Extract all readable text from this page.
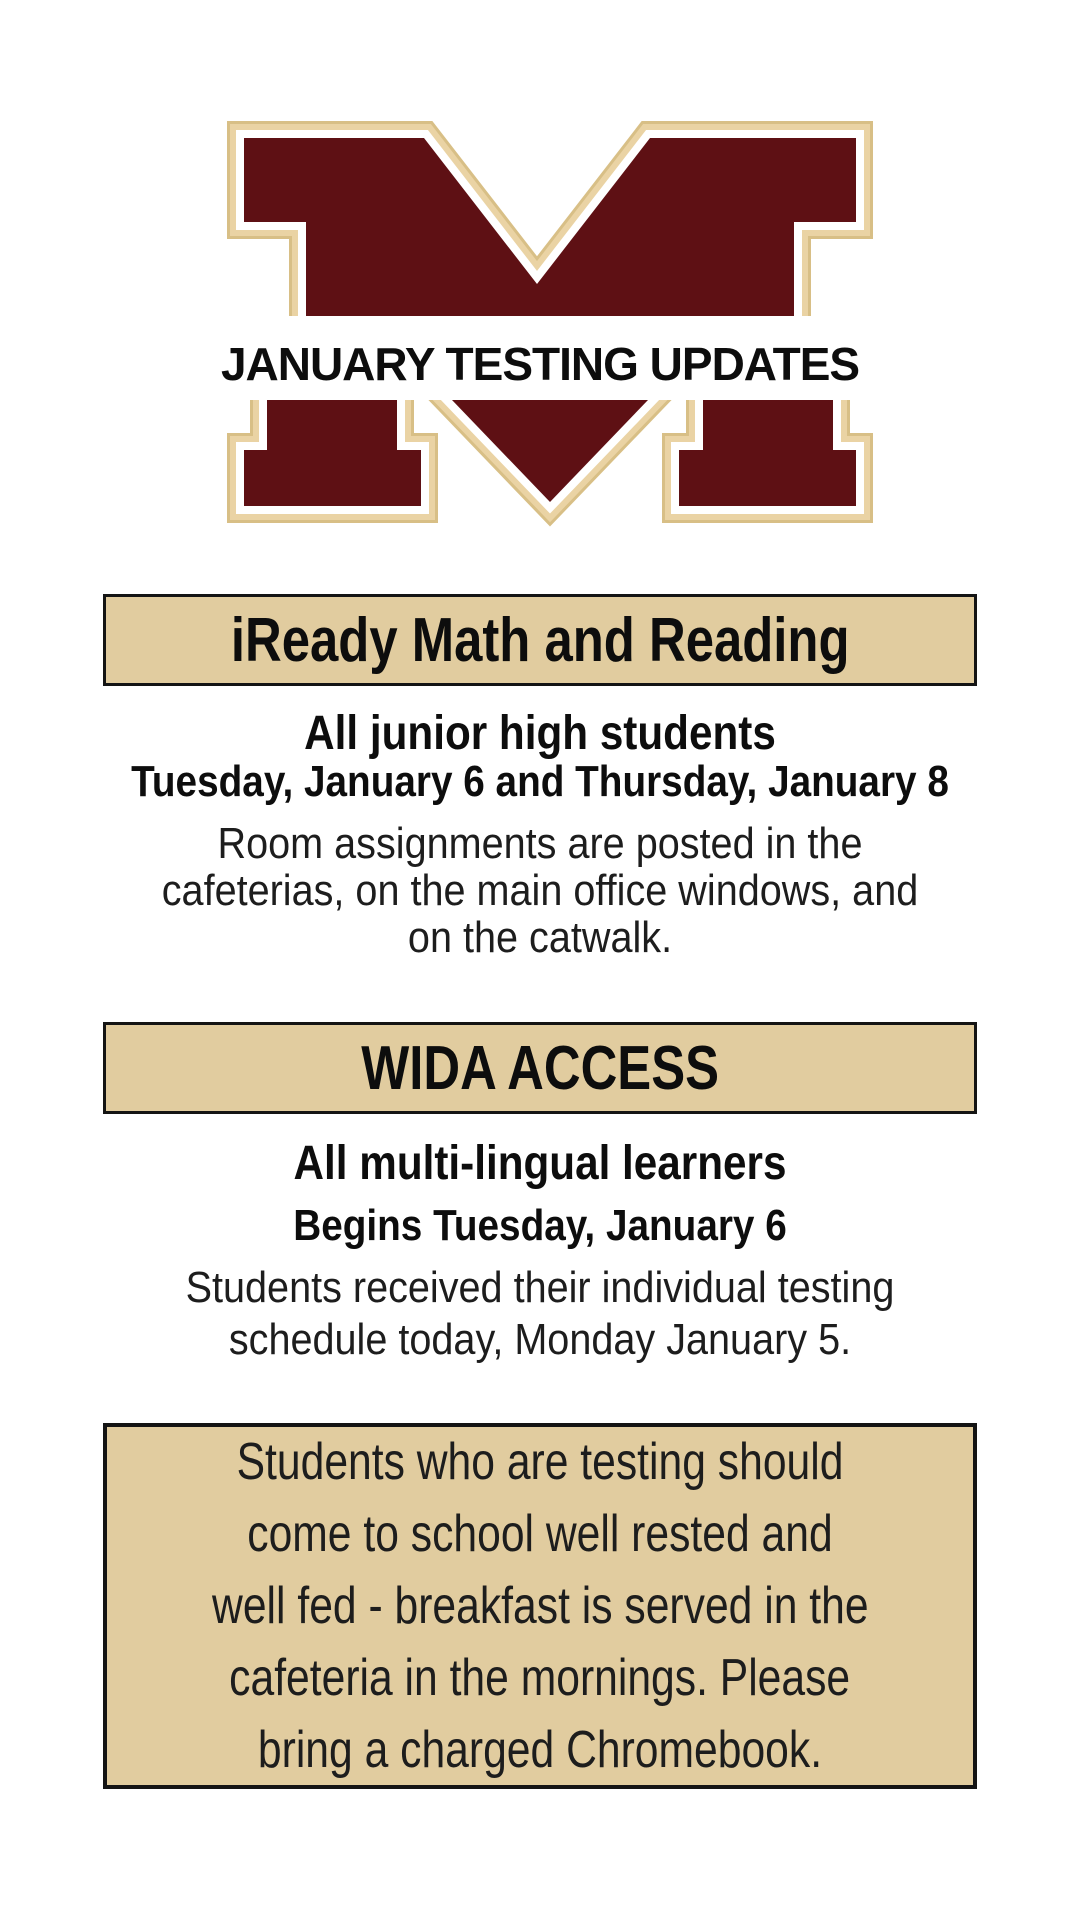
JANUARY TESTING UPDATES
iReady Math and Reading
All junior high students
Tuesday, January 6 and Thursday, January 8
Room assignments are posted in the
cafeterias, on the main office windows, and
on the catwalk.
WIDA ACCESS
All multi-lingual learners
Begins Tuesday, January 6
Students received their individual testing
schedule today, Monday January 5.
Students who are testing should
come to school well rested and
well fed - breakfast is served in the
cafeteria in the mornings. Please
bring a charged Chromebook.
